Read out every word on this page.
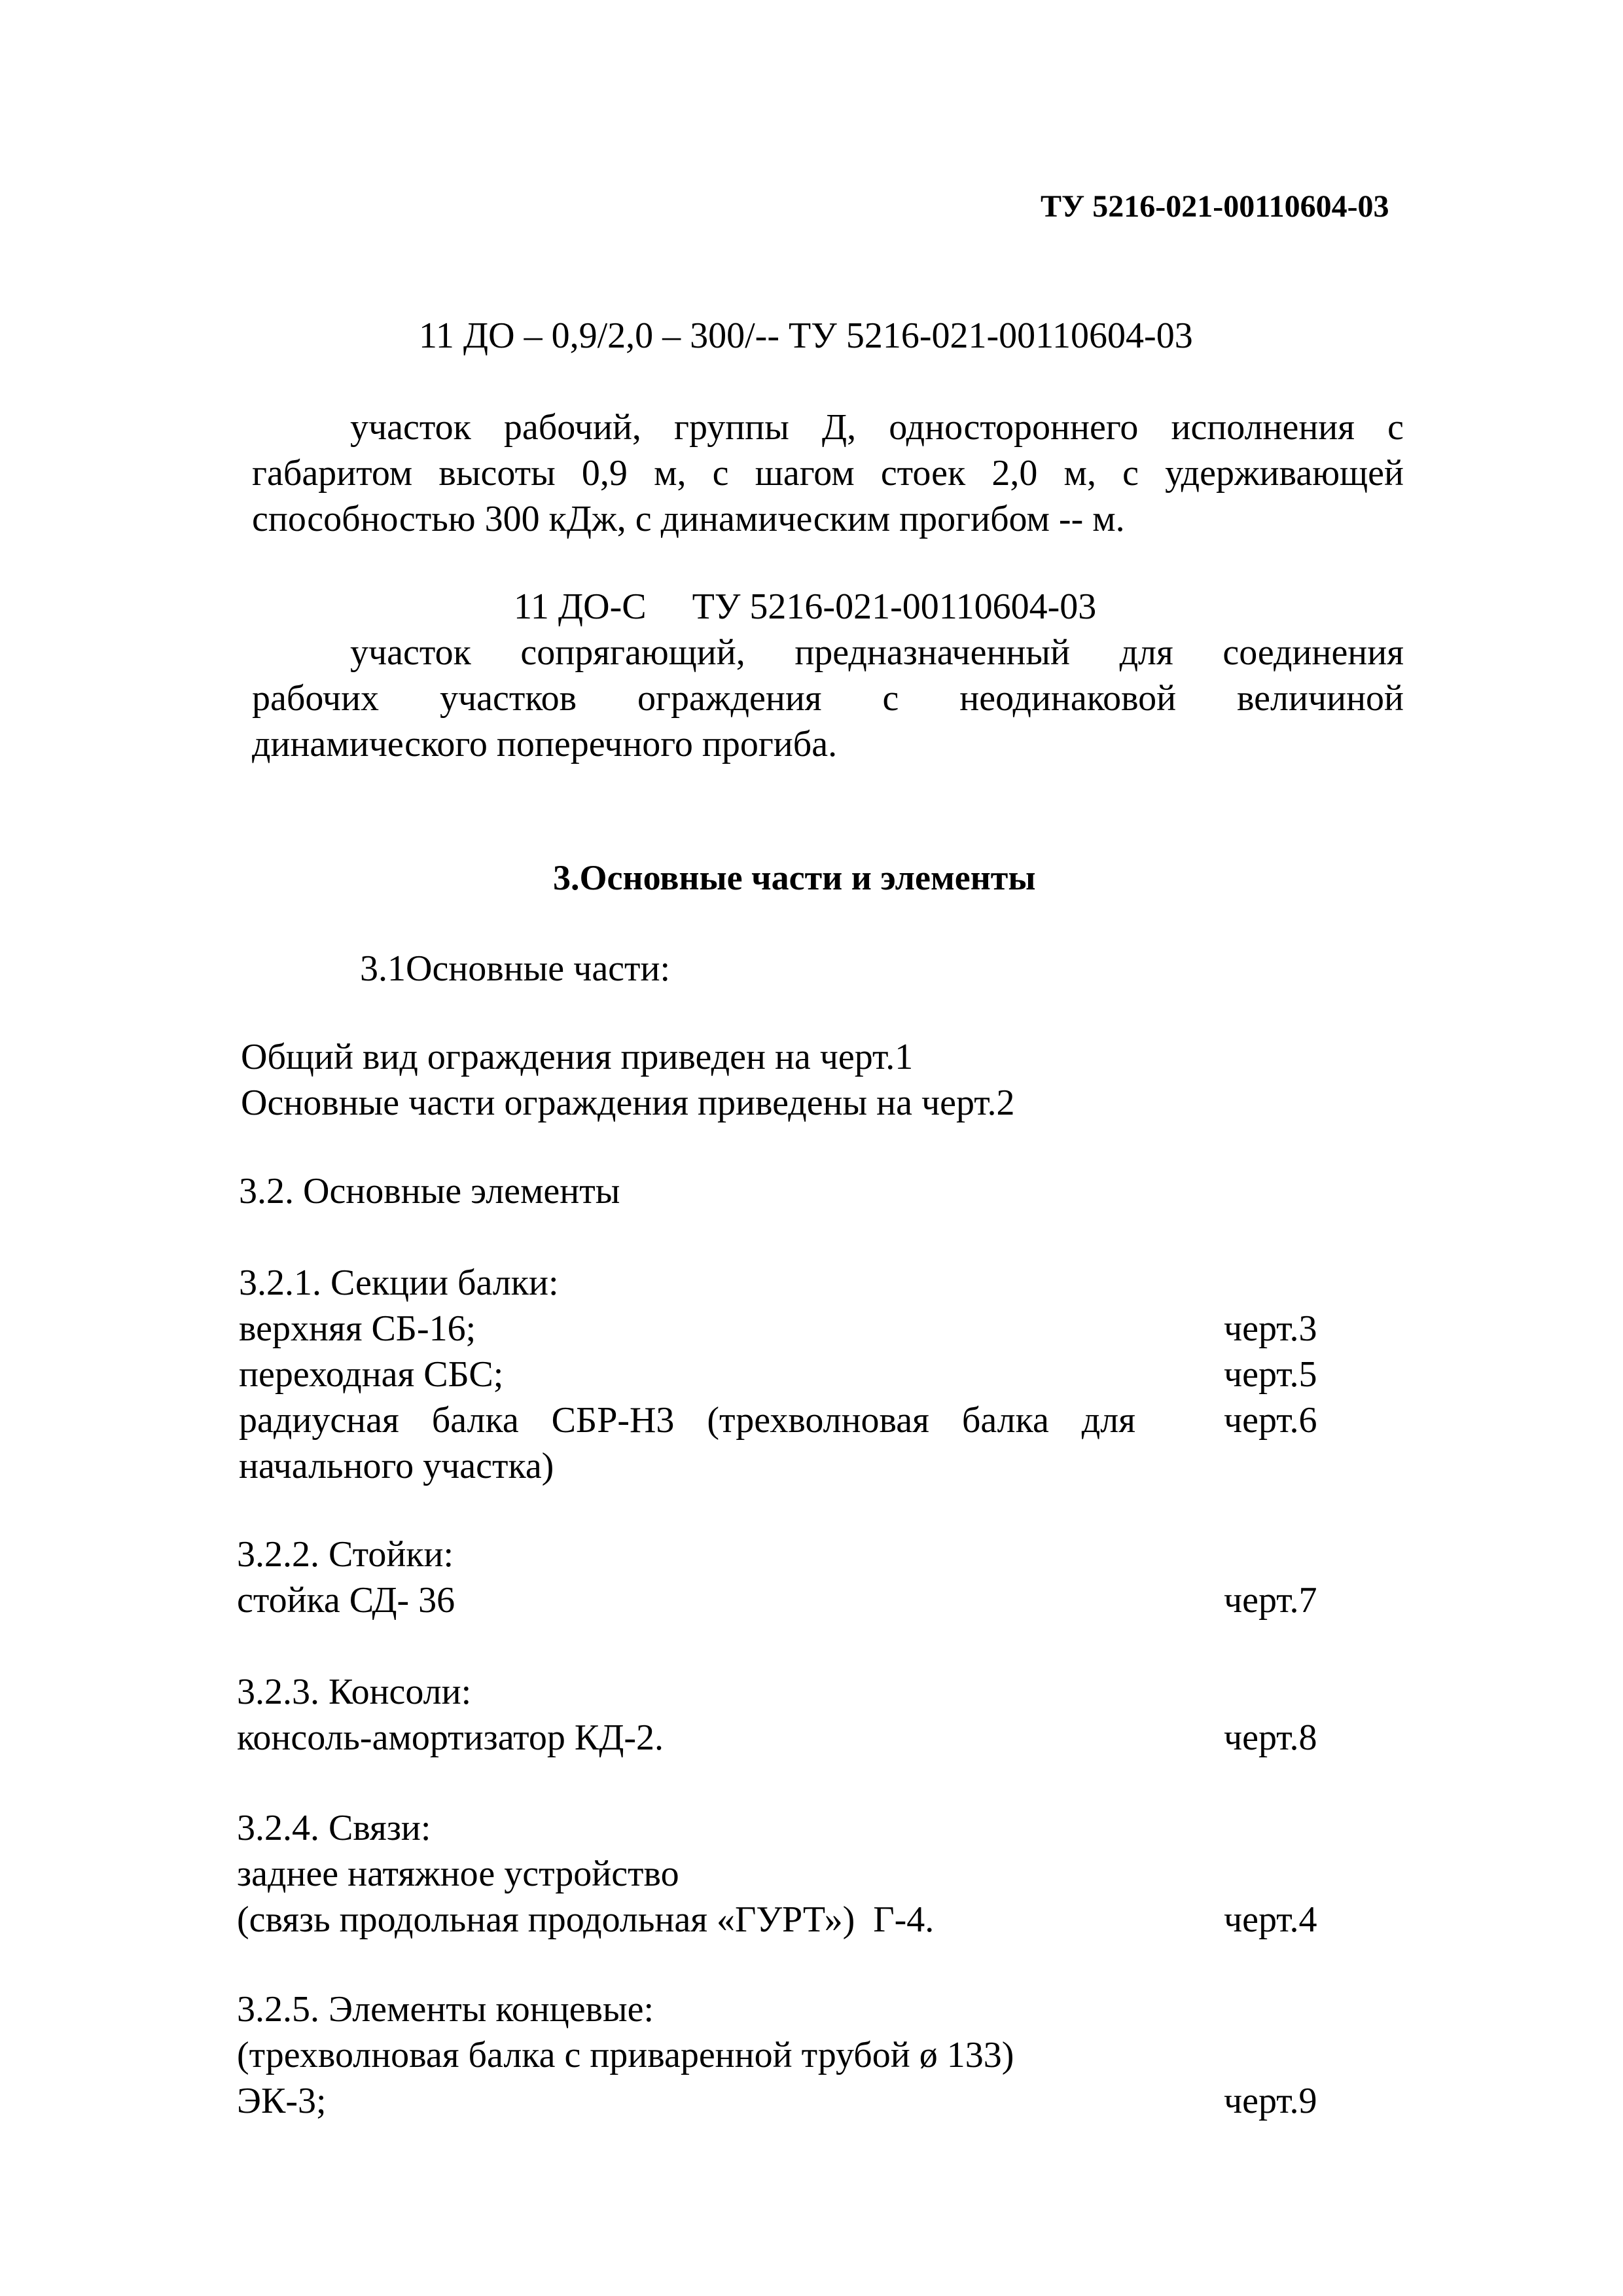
ТУ 5216-021-00110604-03
11 ДО – 0,9/2,0 – 300/-- ТУ 5216-021-00110604-03
участок рабочий, группы Д, одностороннего исполнения с
габаритом высоты 0,9 м, с шагом стоек 2,0 м, с удерживающей
способностью 300 кДж, с динамическим прогибом -- м.
11 ДО-С     ТУ 5216-021-00110604-03
участок сопрягающий, предназначенный для соединения
рабочих участков ограждения с неодинаковой величиной
динамического поперечного прогиба.
3.Основные части и элементы
3.1Основные части:
Общий вид ограждения приведен на черт.1
Основные части ограждения приведены на черт.2
3.2. Основные элементы
3.2.1. Секции балки:
верхняя СБ-16;	черт.3
переходная СБС;	черт.5
радиусная балка СБР-Н3 (трехволновая балка для черт.6
начального участка)
3.2.2. Стойки:
стойка СД- 36	черт.7
3.2.3. Консоли:
консоль-амортизатор КД-2.	черт.8
3.2.4. Связи:
заднее натяжное устройство
(связь продольная продольная «ГУРТ»)  Г-4.	черт.4
3.2.5. Элементы концевые:
(трехволновая балка с приваренной трубой ø 133)
ЭК-3;	черт.9
